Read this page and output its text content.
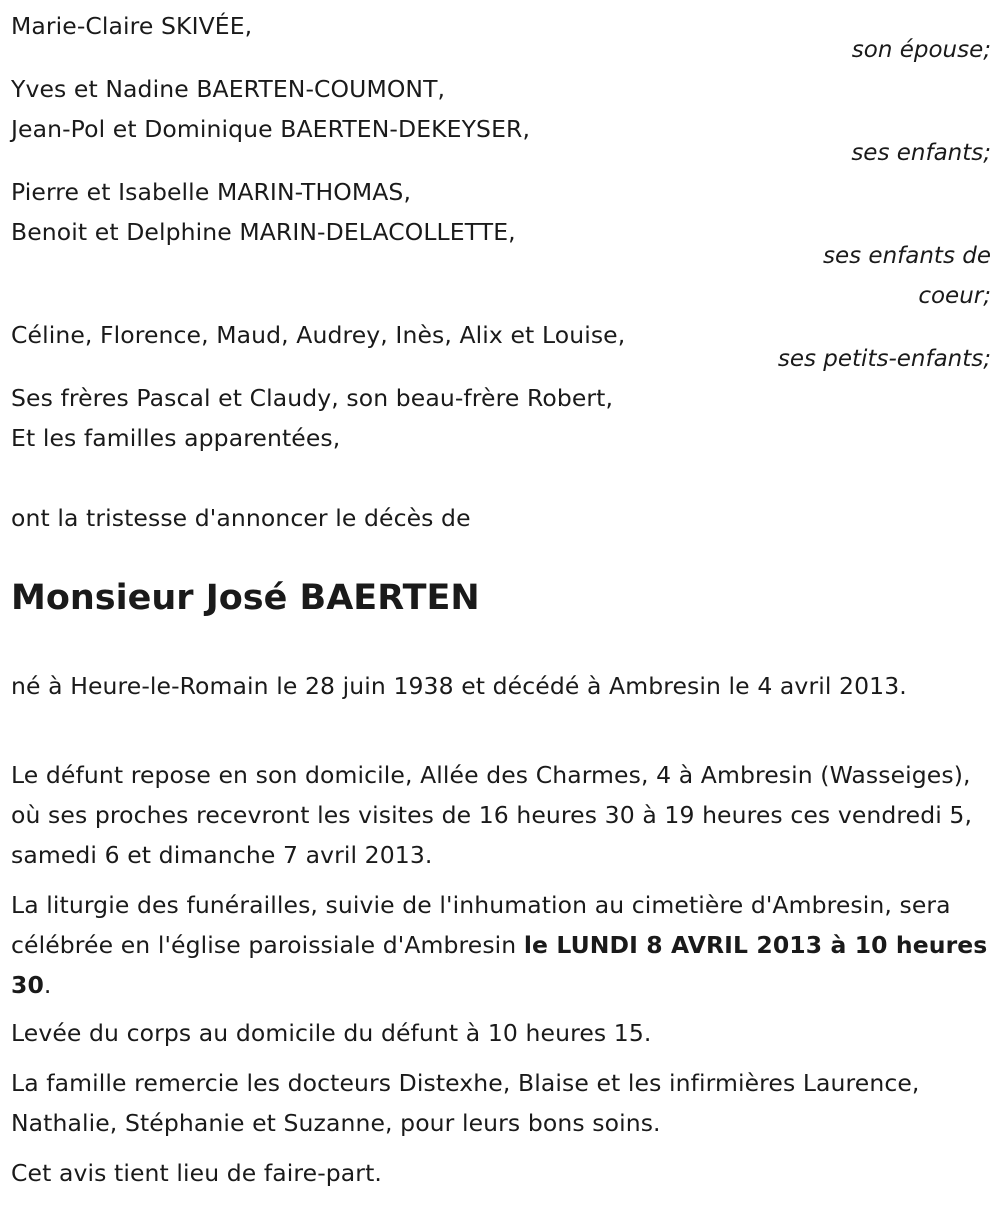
Marie-Claire SKIVÉE,
son épouse;
Yves et Nadine BAERTEN-COUMONT,
Jean-Pol et Dominique BAERTEN-DEKEYSER,
ses enfants;
Pierre et Isabelle MARIN-THOMAS,
Benoit et Delphine MARIN-DELACOLLETTE,
ses enfants de
coeur;
Céline, Florence, Maud, Audrey, Inès, Alix et Louise,
ses petits-enfants;
Ses frères Pascal et Claudy, son beau-frère Robert,
Et les familles apparentées,
ont la tristesse d'annoncer le décès de
Monsieur José BAERTEN
né à Heure-le-Romain le 28 juin 1938 et décédé à Ambresin le 4 avril 2013.
Le défunt repose en son domicile, Allée des Charmes, 4 à Ambresin (Wasseiges), où ses proches recevront les visites de 16 heures 30 à 19 heures ces vendredi 5, samedi 6 et dimanche 7 avril 2013.
La liturgie des funérailles, suivie de l'inhumation au cimetière d'Ambresin, sera célébrée en l'église paroissiale d'Ambresin le LUNDI 8 AVRIL 2013 à 10 heures 30.
Levée du corps au domicile du défunt à 10 heures 15.
La famille remercie les docteurs Distexhe, Blaise et les infirmières Laurence, Nathalie, Stéphanie et Suzanne, pour leurs bons soins.
Cet avis tient lieu de faire-part.
